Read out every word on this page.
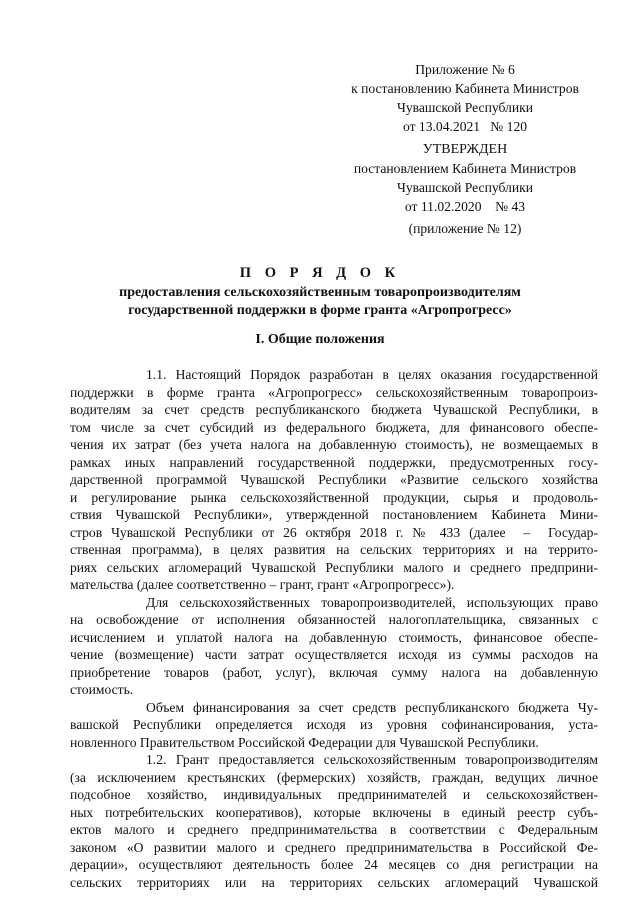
Приложение № 6
к постановлению Кабинета Министров
Чувашской Республики
от 13.04.2021   № 120
УТВЕРЖДЕН
постановлением Кабинета Министров
Чувашской Республики
от 11.02.2020    № 43
(приложение № 12)
П О Р Я Д О К
предоставления сельскохозяйственным товаропроизводителям
государственной поддержки в форме гранта «Агропрогресс»
I. Общие положения
1.1. Настоящий Порядок разработан в целях оказания государственной
поддержки в форме гранта «Агропрогресс» сельскохозяйственным товаропроиз-
водителям за счет средств республиканского бюджета Чувашской Республики, в
том числе за счет субсидий из федерального бюджета, для финансового обеспе-
чения их затрат (без учета налога на добавленную стоимость), не возмещаемых в
рамках иных направлений государственной поддержки, предусмотренных госу-
дарственной программой Чувашской Республики «Развитие сельского хозяйства
и регулирование рынка сельскохозяйственной продукции, сырья и продоволь-
ствия Чувашской Республики», утвержденной постановлением Кабинета Мини-
стров Чувашской Республики от 26 октября 2018 г. № 433 (далее  –  Государ-
ственная программа), в целях развития на сельских территориях и на террито-
риях сельских агломераций Чувашской Республики малого и среднего предприни-
мательства (далее соответственно – грант, грант «Агропрогресс»).
Для сельскохозяйственных товаропроизводителей, использующих право
на освобождение от исполнения обязанностей налогоплательщика, связанных с
исчислением и уплатой налога на добавленную стоимость, финансовое обеспе-
чение (возмещение) части затрат осуществляется исходя из суммы расходов на
приобретение товаров (работ, услуг), включая сумму налога на добавленную
стоимость.
Объем финансирования за счет средств республиканского бюджета Чу-
вашской Республики определяется исходя из уровня софинансирования, уста-
новленного Правительством Российской Федерации для Чувашской Республики.
1.2. Грант предоставляется сельскохозяйственным товаропроизводителям
(за исключением крестьянских (фермерских) хозяйств, граждан, ведущих личное
подсобное хозяйство, индивидуальных предпринимателей и сельскохозяйствен-
ных потребительских кооперативов), которые включены в единый реестр субъ-
ектов малого и среднего предпринимательства в соответствии с Федеральным
законом «О развитии малого и среднего предпринимательства в Российской Фе-
дерации», осуществляют деятельность более 24 месяцев со дня регистрации на
сельских территориях или на территориях сельских агломераций Чувашской
